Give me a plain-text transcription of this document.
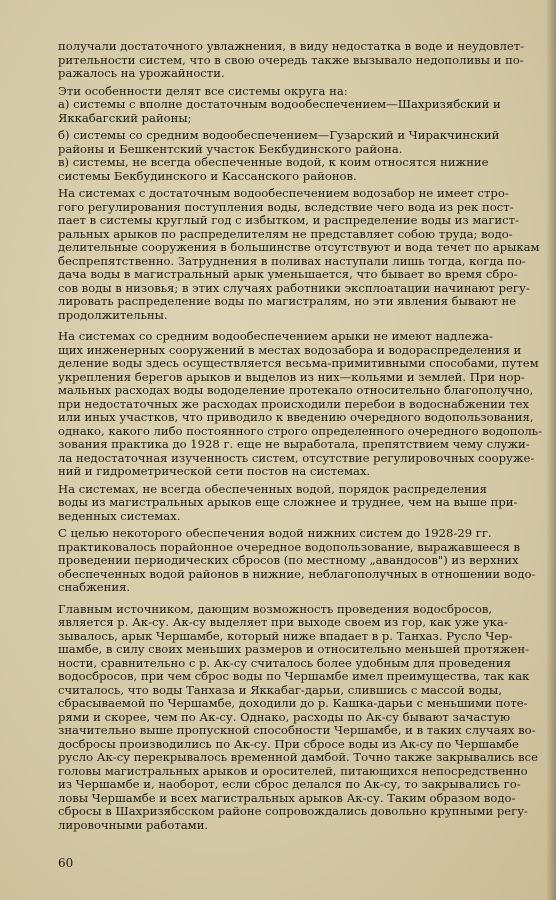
получали достаточного увлажнения, в виду недостатка в воде и неудовлет-
рительности систем, что в свою очередь также вызывало недополивы и по-
ражалось на урожайности.
Эти особенности делят все системы округа на:
а) системы с вполне достаточным водообеспечением—Шахризябский и
Яккабагский районы;
б) системы со средним водообеспечением—Гузарский и Чиракчинский
районы и Бешкентский участок Бекбудинского района.
в) системы, не всегда обеспеченные водой, к коим относятся нижние
системы Бекбудинского и Кассанского районов.
На системах с достаточным водообеспечением водозабор не имеет стро-
гого регулирования поступления воды, вследствие чего вода из рек пост-
пает в системы круглый год с избытком, и распределение воды из магист-
ральных арыков по распределителям не представляет собою труда; водо-
делительные сооружения в большинстве отсутствуют и вода течет по арыкам
беспрепятственно. Затруднения в поливах наступали лишь тогда, когда по-
дача воды в магистральный арык уменьшается, что бывает во время сбро-
сов воды в низовья; в этих случаях работники эксплоатации начинают регу-
лировать распределение воды по магистралям, но эти явления бывают не
продолжительны.
На системах со средним водообеспечением арыки не имеют надлежа-
щих инженерных сооружений в местах водозабора и водораспределения и
деление воды здесь осуществляется весьма-примитивными способами, путем
укрепления берегов арыков и выделов из них—кольями и землей. При нор-
мальных расходах воды вододеление протекало относительно благополучно,
при недостаточных же расходах происходили перебои в водоснабжении тех
или иных участков, что приводило к введению очередного водопользования,
однако, какого либо постоянного строго определенного очередного водополь-
зования практика до 1928 г. еще не выработала, препятствием чему служи-
ла недостаточная изученность систем, отсутствие регулировочных сооруже-
ний и гидрометрической сети постов на системах.
На системах, не всегда обеспеченных водой, порядок распределения
воды из магистральных арыков еще сложнее и труднее, чем на выше при-
веденных системах.
С целью некоторого обеспечения водой нижних систем до 1928-29 гг.
практиковалось порайонное очередное водопользование, выражавшееся в
проведении периодических сбросов (по местному „авандосов") из верхних
обеспеченных водой районов в нижние, неблагополучных в отношении водо-
снабжения.
Главным источником, дающим возможность проведения водосбросов,
является р. Ак-су. Ак-су выделяет при выходе своем из гор, как уже ука-
зывалось, арык Чершамбе, который ниже впадает в р. Танхаз. Русло Чер-
шамбе, в силу своих меньших размеров и относительно меньшей протяжен-
ности, сравнительно с р. Ак-су считалось более удобным для проведения
водосбросов, при чем сброс воды по Чершамбе имел преимущества, так как
считалось, что воды Танхаза и Яккабаг-дарьи, слившись с массой воды,
сбрасываемой по Чершамбе, доходили до р. Кашка-дарьи с меньшими поте-
рями и скорее, чем по Ак-су. Однако, расходы по Ак-су бывают зачастую
значительно выше пропускной способности Чершамбе, и в таких случаях во-
досбросы производились по Ак-су. При сбросе воды из Ак-су по Чершамбе
русло Ак-су перекрывалось временной дамбой. Точно также закрывались все
головы магистральных арыков и оросителей, питающихся непосредственно
из Чершамбе и, наоборот, если сброс делался по Ак-су, то закрывались го-
ловы Чершамбе и всех магистральных арыков Ак-су. Таким образом водо-
сбросы в Шахризябсском районе сопровождались довольно крупными регу-
лировочными работами.
60
